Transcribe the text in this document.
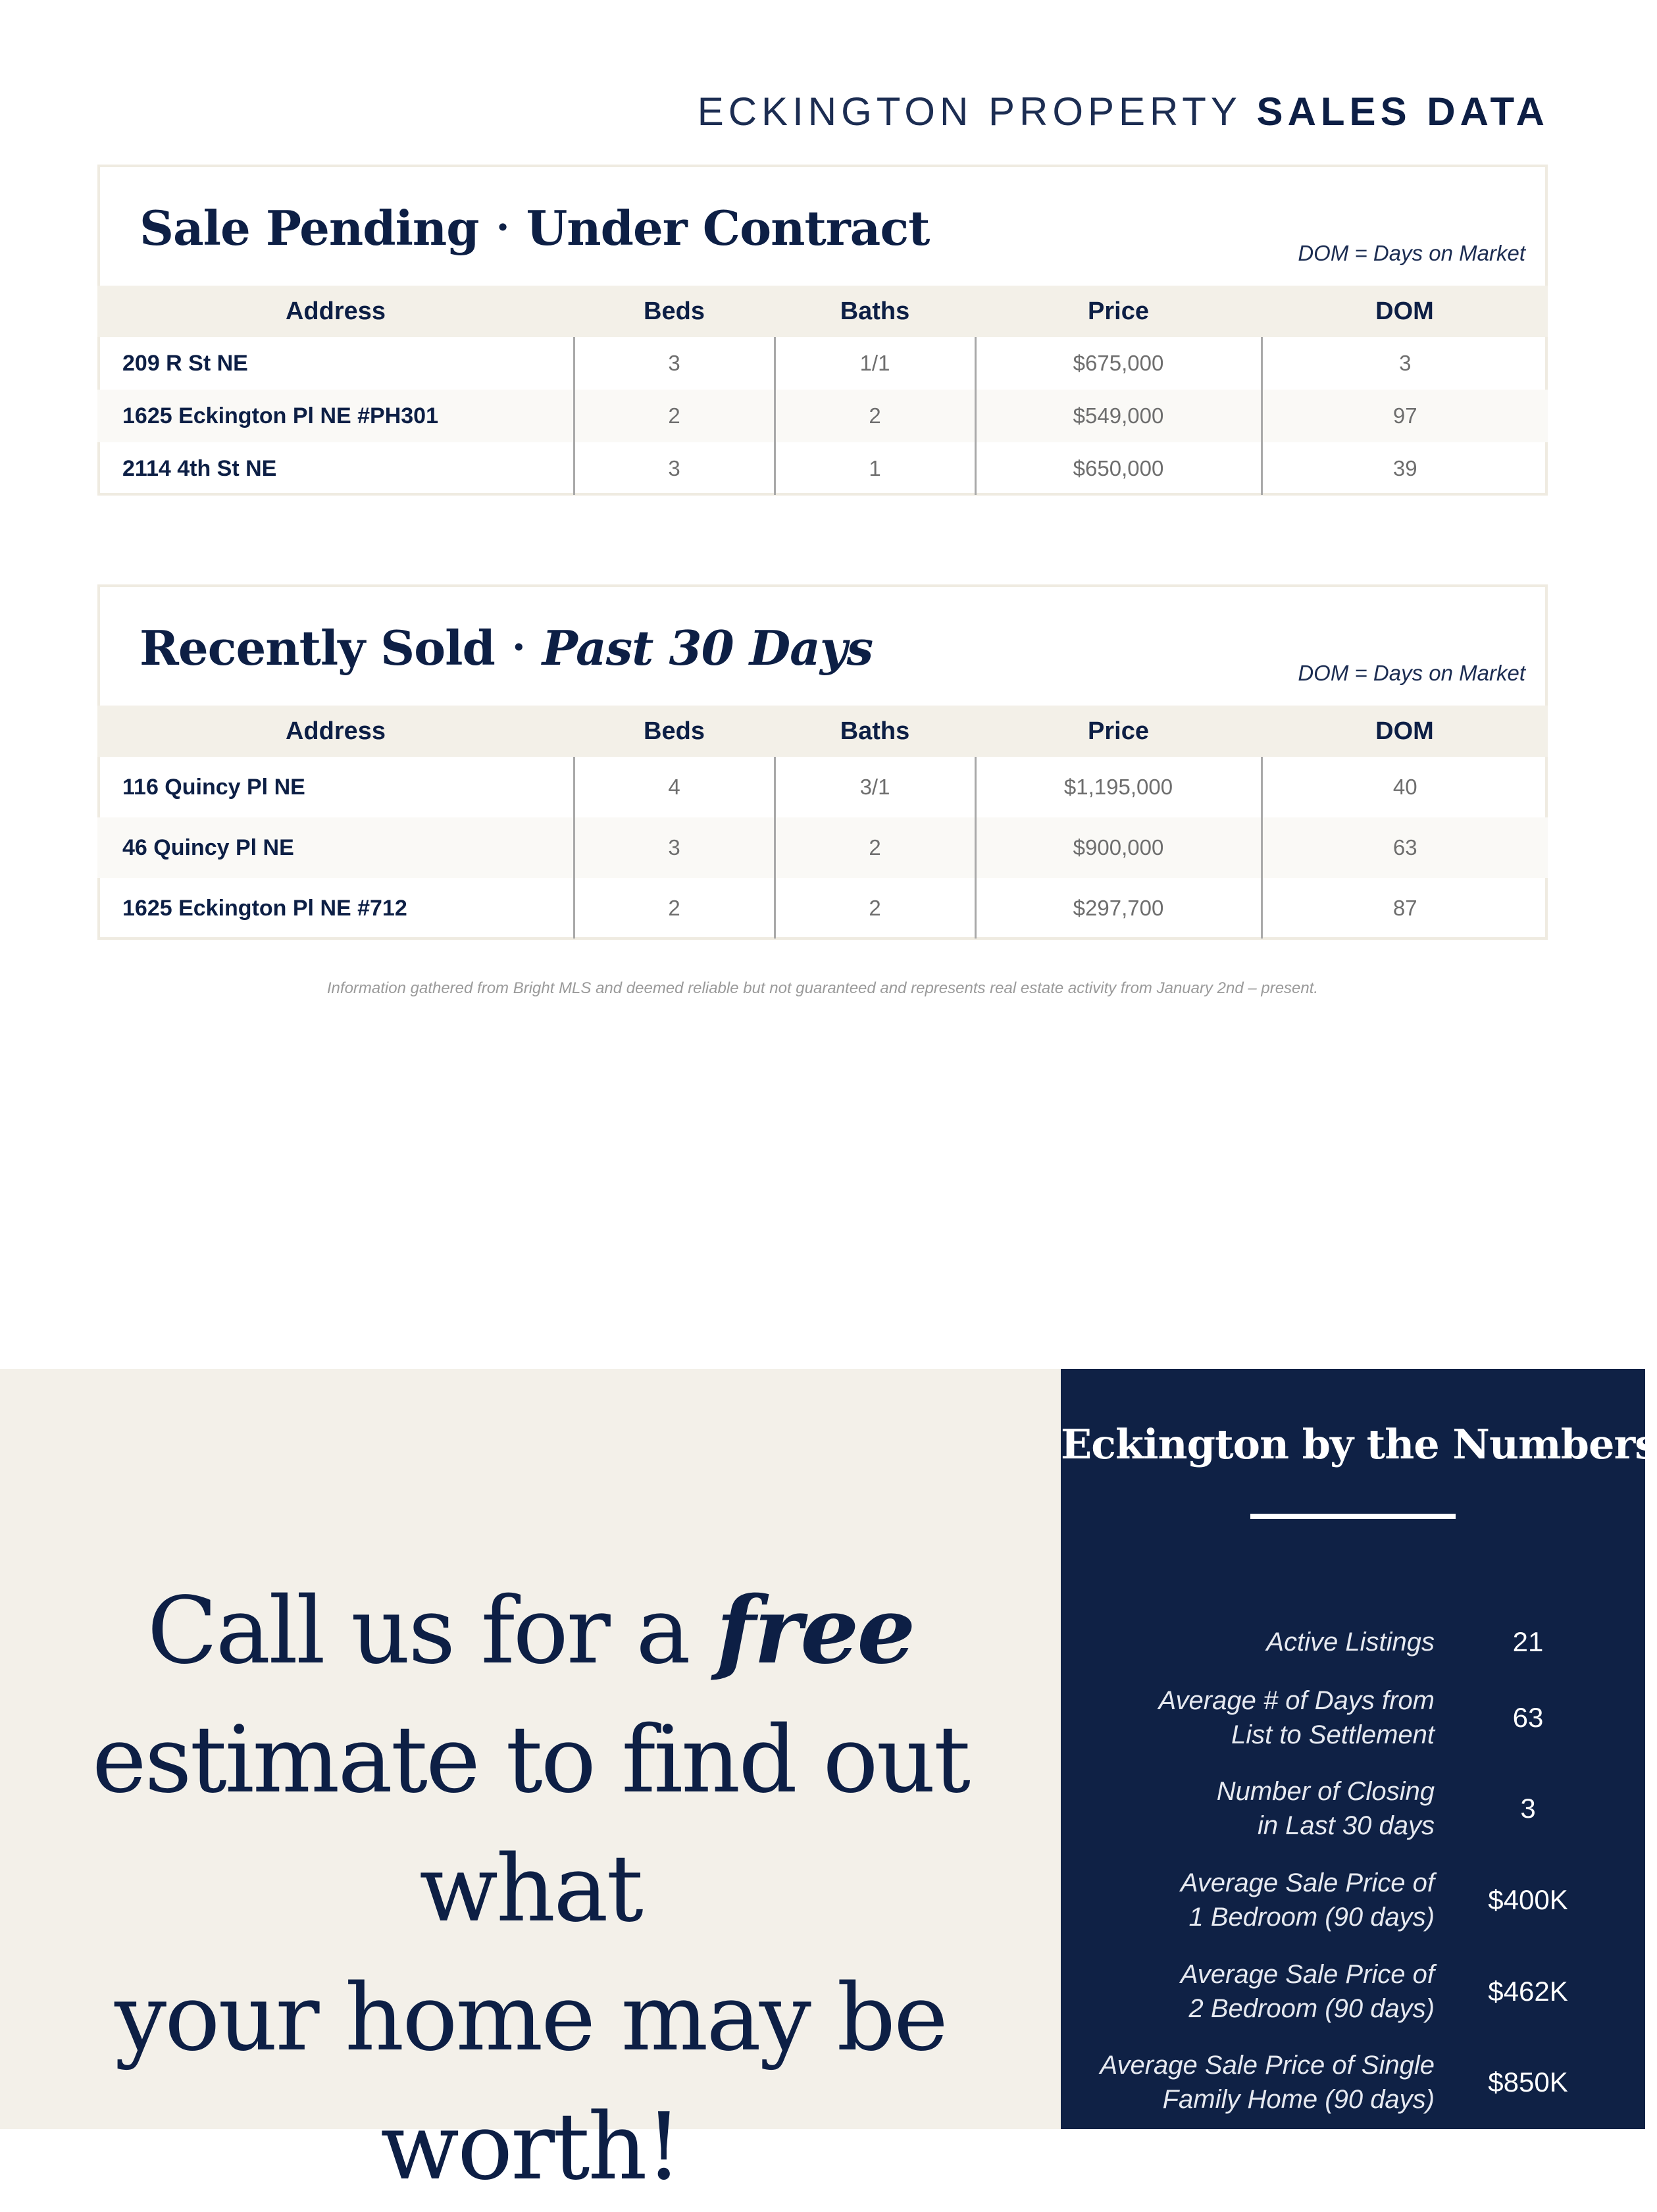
ECKINGTON PROPERTY SALES DATA
Sale Pending · Under Contract	DOM = Days on Market
Address	Beds	Baths	Price	DOM
209 R St NE	3	1/1	$675,000	3
1625 Eckington Pl NE #PH301	2	2	$549,000	97
2114 4th St NE	3	1	$650,000	39
Recently Sold · Past 30 Days	DOM = Days on Market
Address	Beds	Baths	Price	DOM
116 Quincy Pl NE	4	3/1	$1,195,000	40
46 Quincy Pl NE	3	2	$900,000	63
1625 Eckington Pl NE #712	2	2	$297,700	87

Information gathered from Bright MLS and deemed reliable but not guaranteed and represents real estate activity from January 2nd – present.

Call us for a free
estimate to find out what
your home may be worth!
Eckington by the Numbers
Active Listings	21
Average # of Days from
List to Settlement
63
Number of Closing
in Last 30 days
3
Average Sale Price of
1 Bedroom (90 days)
$400K
Average Sale Price of
2 Bedroom (90 days)
$462K
Average Sale Price of Single
Family Home (90 days)
$850K
